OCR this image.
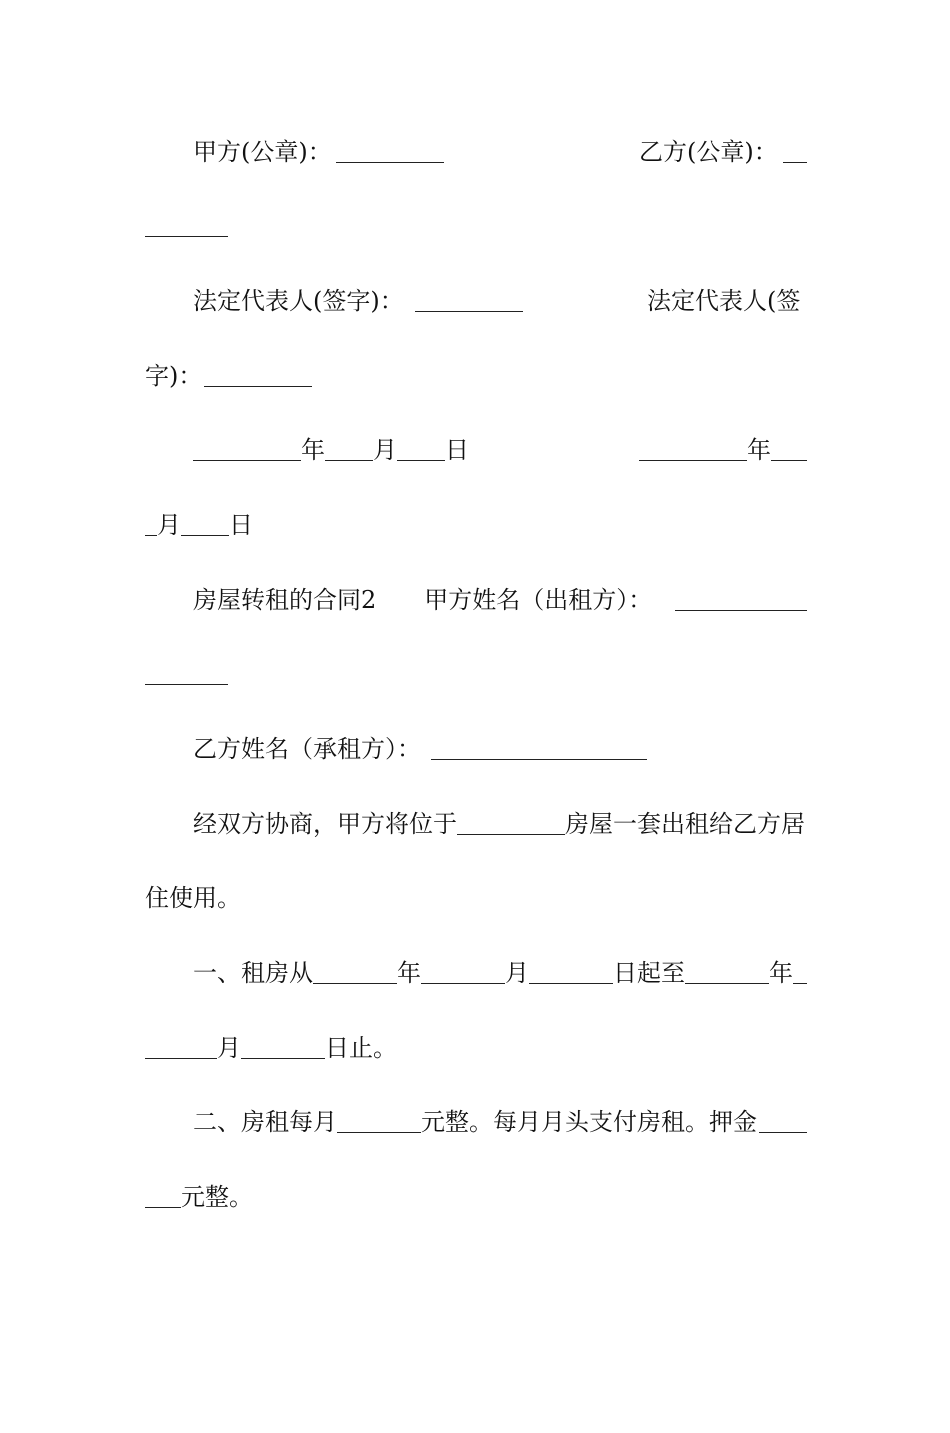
甲方(公章)：

	乙方(公章)：

法定代表人(签字)：

	法定代表人(签

字)：

年

月

日

	年

月

日

房屋转租的合同2　　甲方姓名（出租方）：

乙方姓名（承租方）：

经双方协商，甲方将位于

	房屋一套出租给乙方居

住使用。

一、租房从

	年

	月

	日起至

	年

月

	日止。

二、房租每月

	元整。每月月头支付房租。押金

元整。
